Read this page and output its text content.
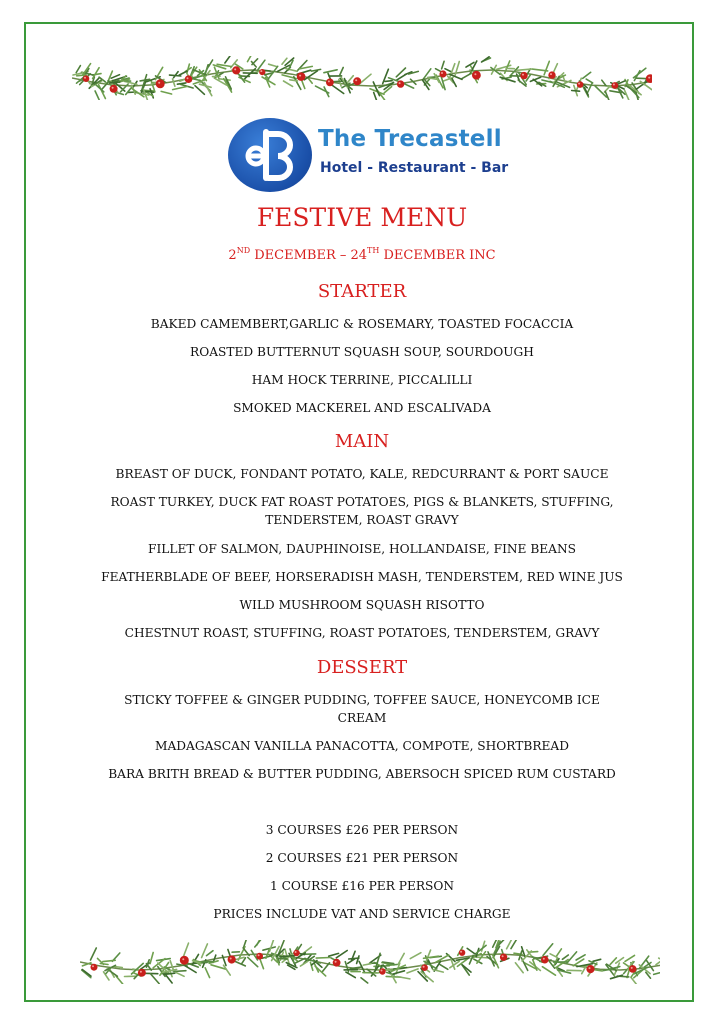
The Trecastell
Hotel - Restaurant - Bar
FESTIVE MENU
2ND DECEMBER – 24TH DECEMBER INC
STARTER
BAKED CAMEMBERT,GARLIC & ROSEMARY, TOASTED FOCACCIA
ROASTED BUTTERNUT SQUASH SOUP, SOURDOUGH
HAM HOCK TERRINE, PICCALILLI
SMOKED MACKEREL AND ESCALIVADA
MAIN
BREAST OF DUCK, FONDANT POTATO, KALE, REDCURRANT & PORT SAUCE
ROAST TURKEY, DUCK FAT ROAST POTATOES, PIGS & BLANKETS, STUFFING,
TENDERSTEM, ROAST GRAVY
FILLET OF SALMON, DAUPHINOISE, HOLLANDAISE, FINE BEANS
FEATHERBLADE OF BEEF, HORSERADISH MASH, TENDERSTEM, RED WINE JUS
WILD MUSHROOM SQUASH RISOTTO
CHESTNUT ROAST, STUFFING, ROAST POTATOES, TENDERSTEM, GRAVY
DESSERT
STICKY TOFFEE & GINGER PUDDING, TOFFEE SAUCE, HONEYCOMB ICE
CREAM
MADAGASCAN VANILLA PANACOTTA, COMPOTE, SHORTBREAD
BARA BRITH BREAD & BUTTER PUDDING, ABERSOCH SPICED RUM CUSTARD
3 COURSES £26 PER PERSON
2 COURSES £21 PER PERSON
1 COURSE £16 PER PERSON
PRICES INCLUDE VAT AND SERVICE CHARGE
